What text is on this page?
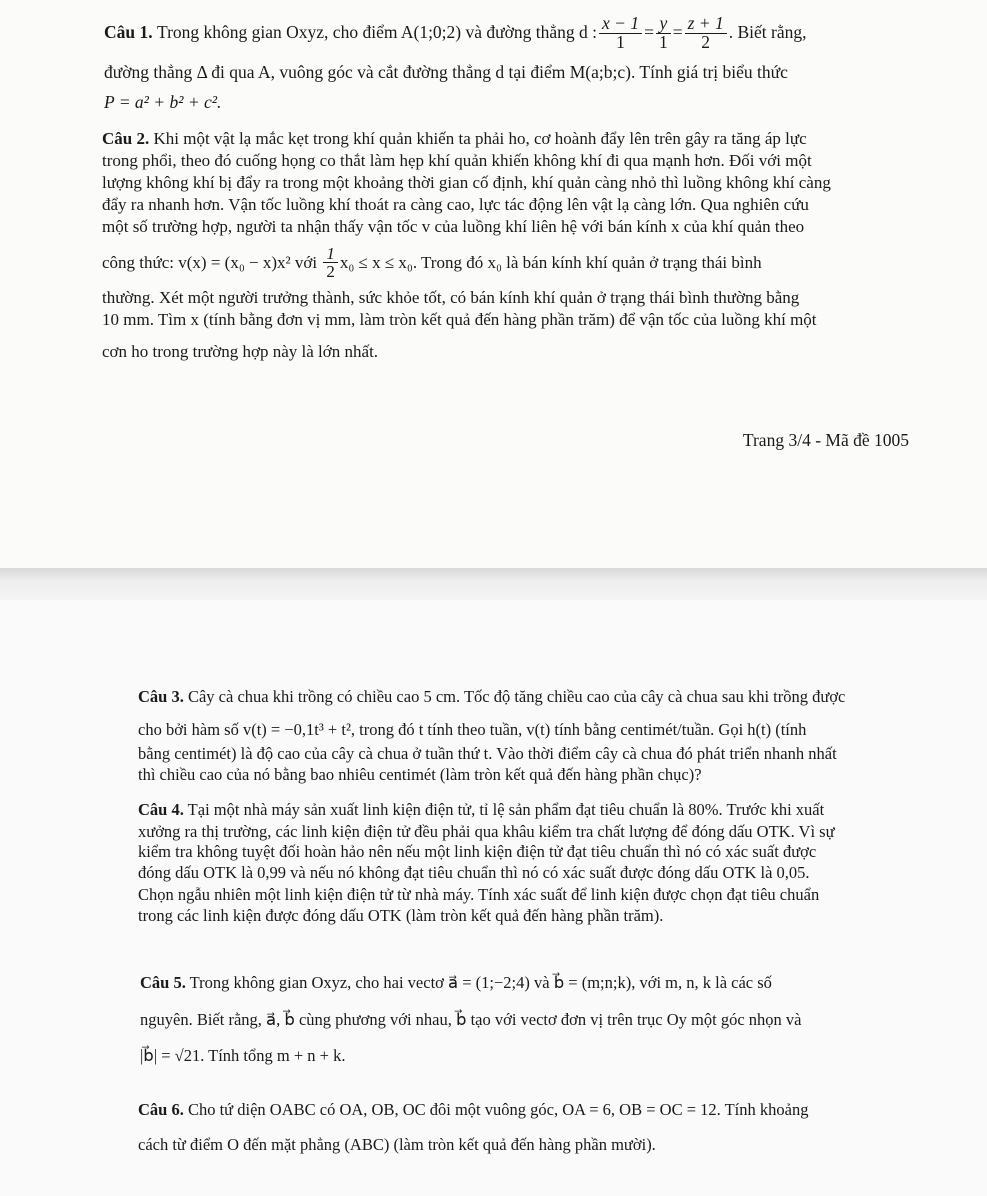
Câu 1.
Trong không gian Oxyz, cho điểm A(1;0;2) và đường thẳng d : $\frac{x - 1}{1} = \frac{y}{1} = \frac{z + 1}{2}$ . Biết rằng,

đường thẳng Δ đi qua A, vuông góc và cắt đường thẳng d tại điểm M(a;b;c). Tính giá trị biểu thức

P = a² + b² + c².

Câu 2. Khi một vật lạ mắc kẹt trong khí quản khiến ta phải ho, cơ hoành đẩy lên trên gây ra tăng áp lực

trong phổi, theo đó cuống họng co thắt làm hẹp khí quản khiến không khí đi qua mạnh hơn. Đối với một

lượng không khí bị đẩy ra trong một khoảng thời gian cố định, khí quản càng nhỏ thì luồng không khí càng

đẩy ra nhanh hơn. Vận tốc luồng khí thoát ra càng cao, lực tác động lên vật lạ càng lớn. Qua nghiên cứu

một số trường hợp, người ta nhận thấy vận tốc v của luồng khí liên hệ với bán kính x của khí quản theo

công thức: v(x) = (x₀ − x)x² với
$\frac{1}{2} x_0 \le x \le x_0$. Trong đó x₀ là bán kính khí quản ở trạng thái bình

thường. Xét một người trưởng thành, sức khỏe tốt, có bán kính khí quản ở trạng thái bình thường bằng

10 mm. Tìm x (tính bằng đơn vị mm, làm tròn kết quả đến hàng phần trăm) để vận tốc của luồng khí một

cơn ho trong trường hợp này là lớn nhất.

Trang 3/4 - Mã đề 1005

Câu 3. Cây cà chua khi trồng có chiều cao 5 cm. Tốc độ tăng chiều cao của cây cà chua sau khi trồng được

cho bởi hàm số v(t) = −0,1t³ + t², trong đó t tính theo tuần, v(t) tính bằng centimét/tuần. Gọi h(t) (tính

bằng centimét) là độ cao của cây cà chua ở tuần thứ t. Vào thời điểm cây cà chua đó phát triển nhanh nhất

thì chiều cao của nó bằng bao nhiêu centimét (làm tròn kết quả đến hàng phần chục)?

Câu 4. Tại một nhà máy sản xuất linh kiện điện tử, tỉ lệ sản phẩm đạt tiêu chuẩn là 80%. Trước khi xuất

xưởng ra thị trường, các linh kiện điện tử đều phải qua khâu kiểm tra chất lượng để đóng dấu OTK. Vì sự

kiểm tra không tuyệt đối hoàn hảo nên nếu một linh kiện điện tử đạt tiêu chuẩn thì nó có xác suất được

đóng dấu OTK là 0,99 và nếu nó không đạt tiêu chuẩn thì nó có xác suất được đóng dấu OTK là 0,05.

Chọn ngẫu nhiên một linh kiện điện tử từ nhà máy. Tính xác suất để linh kiện được chọn đạt tiêu chuẩn

trong các linh kiện được đóng dấu OTK (làm tròn kết quả đến hàng phần trăm).

Câu 5. Trong không gian Oxyz, cho hai vectơ a⃗ = (1;−2;4) và b⃗ = (m;n;k), với m, n, k là các số

nguyên. Biết rằng, a⃗, b⃗ cùng phương với nhau, b⃗ tạo với vectơ đơn vị trên trục Oy một góc nhọn và

|b⃗| = √21. Tính tổng m + n + k.

Câu 6. Cho tứ diện OABC có OA, OB, OC đôi một vuông góc, OA = 6, OB = OC = 12. Tính khoảng

cách từ điểm O đến mặt phẳng (ABC) (làm tròn kết quả đến hàng phần mười).
